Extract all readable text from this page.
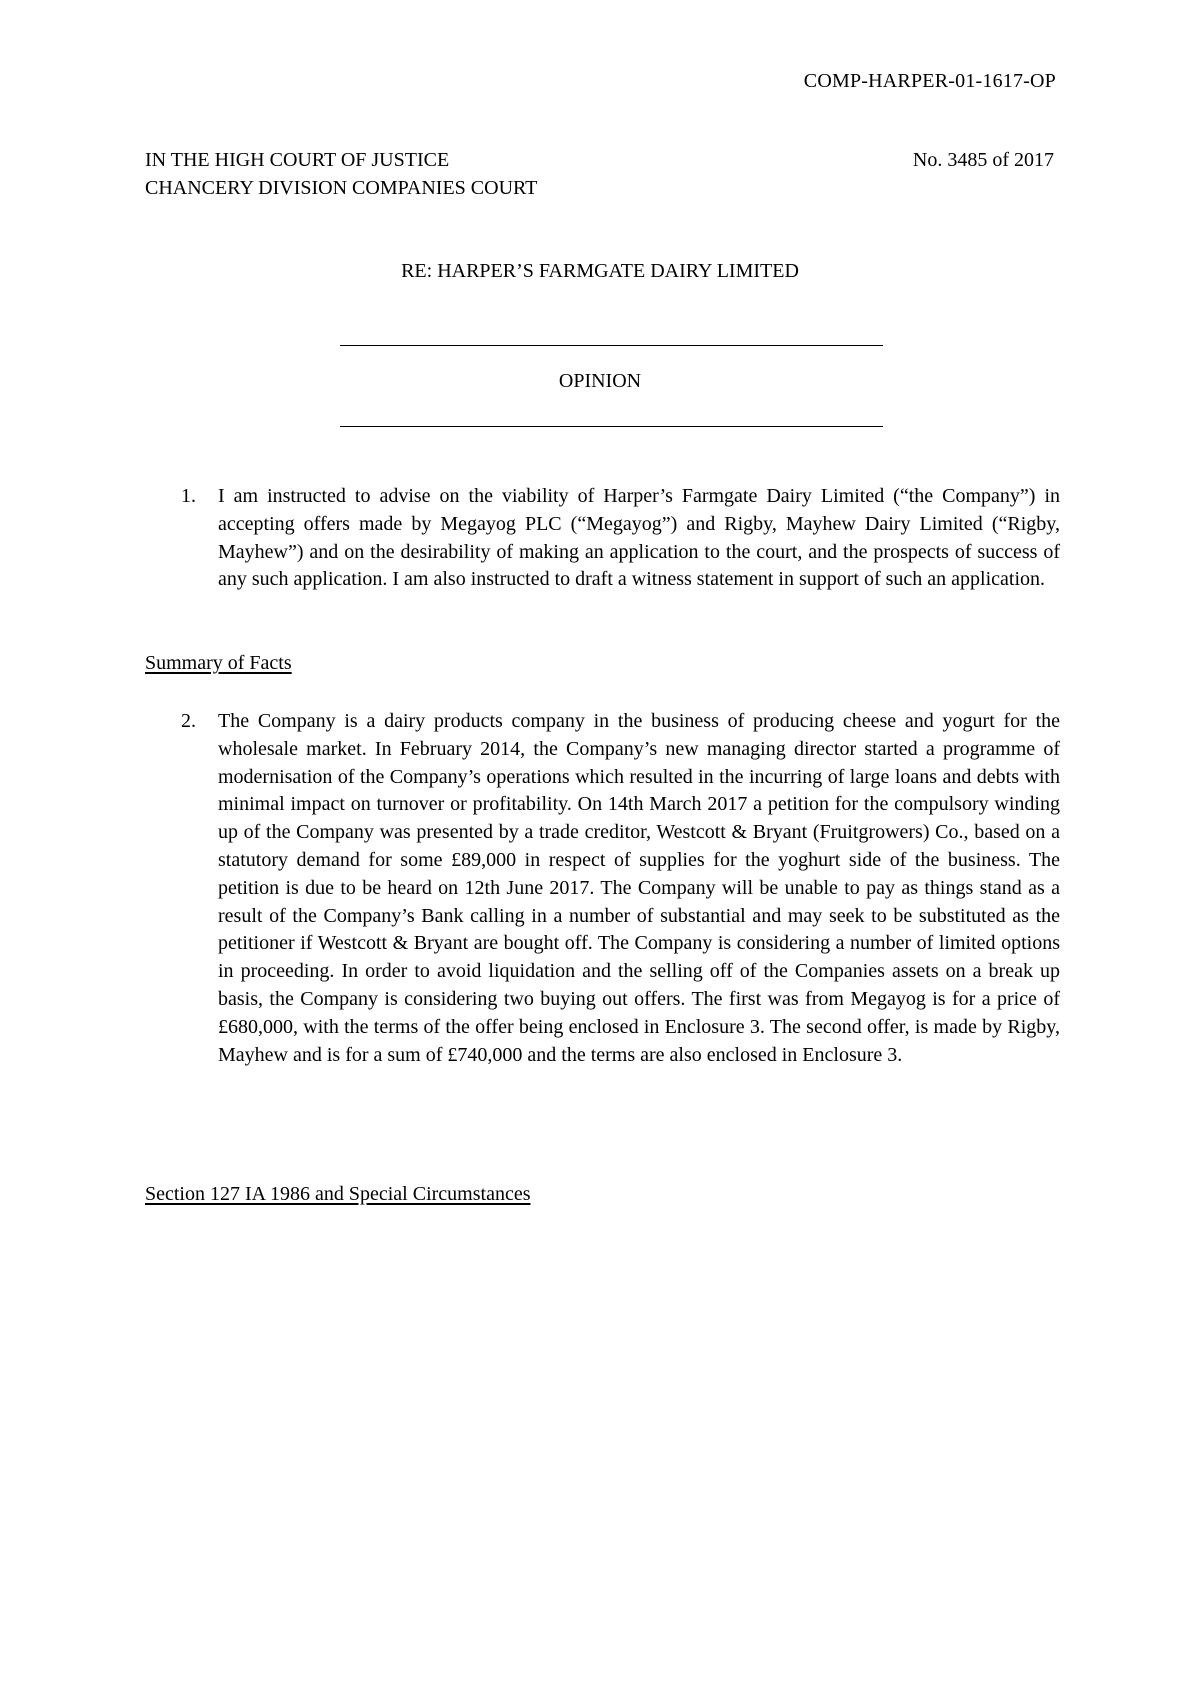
COMP-HARPER-01-1617-OP
IN THE HIGH COURT OF JUSTICE
CHANCERY DIVISION COMPANIES COURT
No. 3485 of 2017
RE: HARPER’S FARMGATE DAIRY LIMITED
OPINION
1. I am instructed to advise on the viability of Harper’s Farmgate Dairy Limited (“the Company”) in accepting offers made by Megayog PLC (“Megayog”) and Rigby, Mayhew Dairy Limited (“Rigby, Mayhew”) and on the desirability of making an application to the court, and the prospects of success of any such application. I am also instructed to draft a witness statement in support of such an application.
Summary of Facts
2. The Company is a dairy products company in the business of producing cheese and yogurt for the wholesale market. In February 2014, the Company’s new managing director started a programme of modernisation of the Company’s operations which resulted in the incurring of large loans and debts with minimal impact on turnover or profitability. On 14th March 2017 a petition for the compulsory winding up of the Company was presented by a trade creditor, Westcott & Bryant (Fruitgrowers) Co., based on a statutory demand for some £89,000 in respect of supplies for the yoghurt side of the business. The petition is due to be heard on 12th June 2017. The Company will be unable to pay as things stand as a result of the Company’s Bank calling in a number of substantial and may seek to be substituted as the petitioner if Westcott & Bryant are bought off. The Company is considering a number of limited options in proceeding. In order to avoid liquidation and the selling off of the Companies assets on a break up basis, the Company is considering two buying out offers. The first was from Megayog is for a price of £680,000, with the terms of the offer being enclosed in Enclosure 3. The second offer, is made by Rigby, Mayhew and is for a sum of £740,000 and the terms are also enclosed in Enclosure 3.
Section 127 IA 1986 and Special Circumstances
